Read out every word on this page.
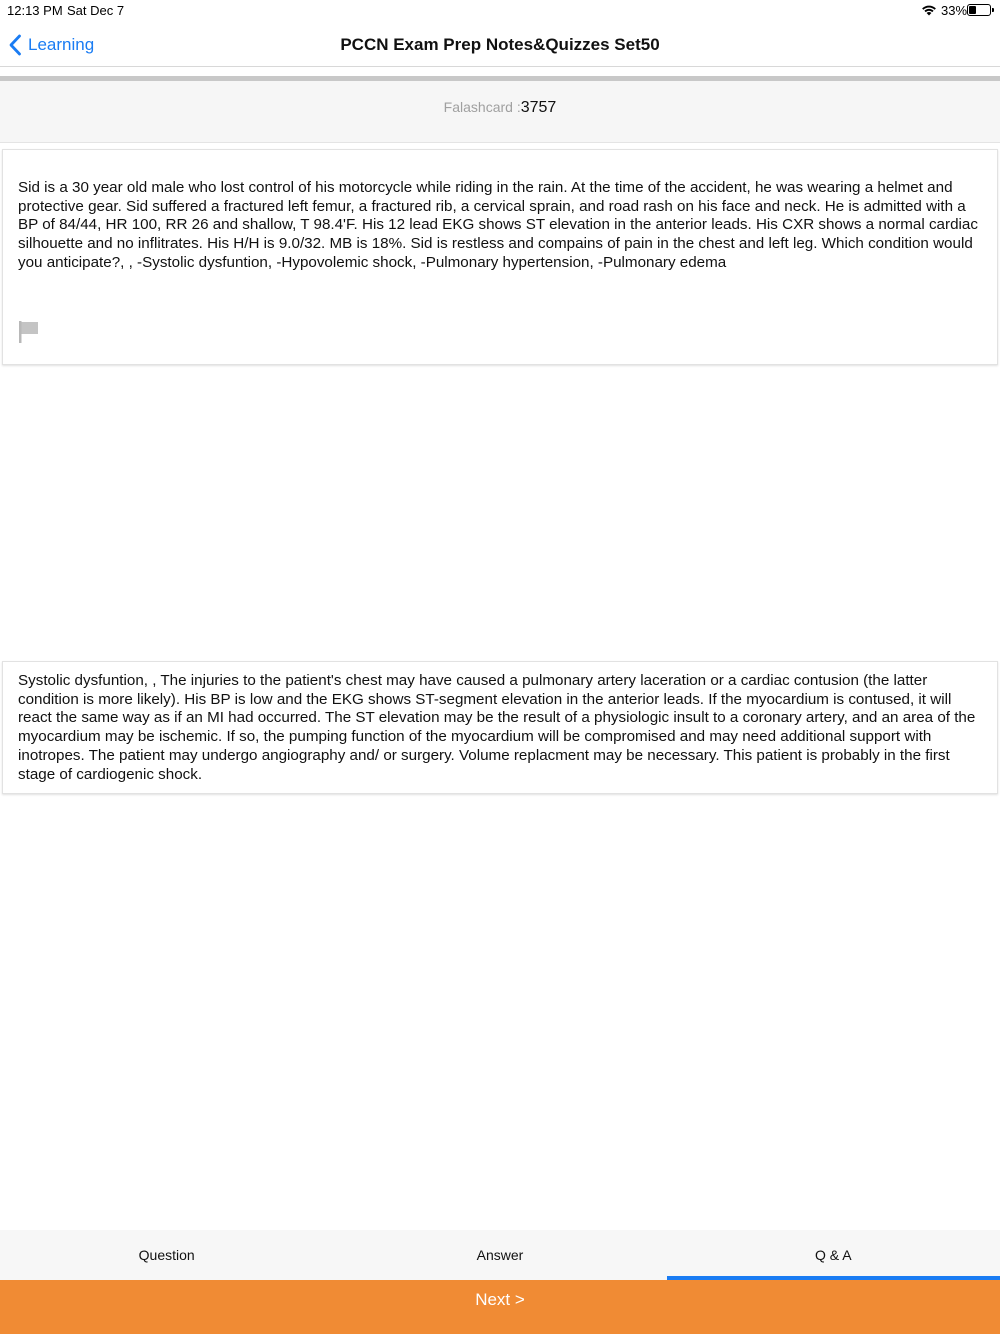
12:13 PM Sat Dec 7	33%
Learning	PCCN Exam Prep Notes&Quizzes Set50
Falashcard :3757

Sid is a 30 year old male who lost control of his motorcycle while riding in the rain. At the time of the accident, he was wearing a helmet and protective gear. Sid suffered a fractured left femur, a fractured rib, a cervical sprain, and road rash on his face and neck. He is admitted with a BP of 84/44, HR 100, RR 26 and shallow, T 98.4'F. His 12 lead EKG shows ST elevation in the anterior leads. His CXR shows a normal cardiac silhouette and no inflitrates. His H/H is 9.0/32. MB is 18%. Sid is restless and compains of pain in the chest and left leg. Which condition would you anticipate?, , -Systolic dysfuntion, -Hypovolemic shock, -Pulmonary hypertension, -Pulmonary edema

Systolic dysfuntion, , The injuries to the patient's chest may have caused a pulmonary artery laceration or a cardiac contusion (the latter condition is more likely). His BP is low and the EKG shows ST-segment elevation in the anterior leads. If the myocardium is contused, it will react the same way as if an MI had occurred. The ST elevation may be the result of a physiologic insult to a coronary artery, and an area of the myocardium may be ischemic. If so, the pumping function of the myocardium will be compromised and may need additional support with inotropes. The patient may undergo angiography and/ or surgery. Volume replacment may be necessary. This patient is probably in the first stage of cardiogenic shock.

Question	Answer	Q & A
Next >
